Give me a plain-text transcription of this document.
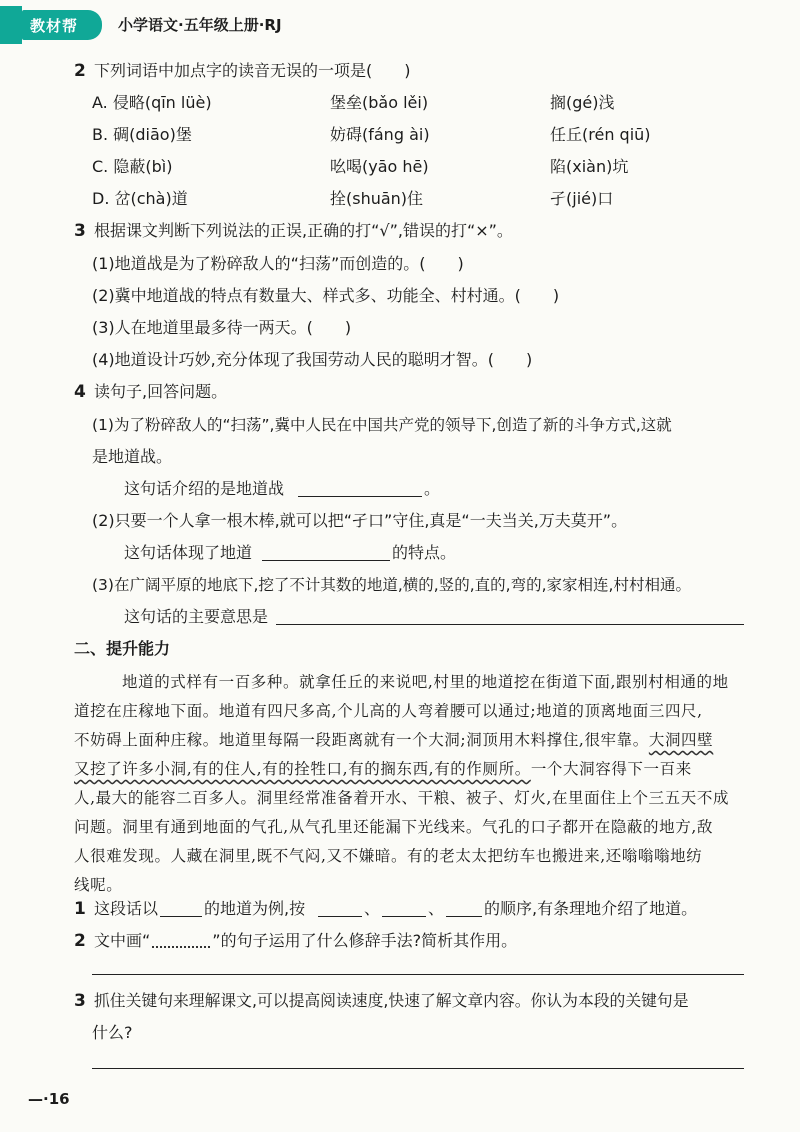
教材帮	小学语文·五年级上册·RJ
2 下列词语中加点字的读音无误的一项是(　　)
A. 侵略(qīn lüè)	堡垒(bǎo lěi)	搁(gé)浅
B. 碉(diāo)堡	妨碍(fáng ài)	任丘(rén qiū)
C. 隐蔽(bì)	吆喝(yāo hē)	陷(xiàn)坑
D. 岔(chà)道	拴(shuān)住	孑(jié)口
3 根据课文判断下列说法的正误,正确的打“√”,错误的打“×”。
(1)地道战是为了粉碎敌人的“扫荡”而创造的。(　　)
(2)冀中地道战的特点有数量大、样式多、功能全、村村通。(　　)
(3)人在地道里最多待一两天。(　　)
(4)地道设计巧妙,充分体现了我国劳动人民的聪明才智。(　　)
4 读句子,回答问题。
(1)为了粉碎敌人的“扫荡”,冀中人民在中国共产党的领导下,创造了新的斗争方式,这就
是地道战。
这句话介绍的是地道战	。
(2)只要一个人拿一根木棒,就可以把“孑口”守住,真是“一夫当关,万夫莫开”。
这句话体现了地道	的特点。
(3)在广阔平原的地底下,挖了不计其数的地道,横的,竖的,直的,弯的,家家相连,村村相通。
这句话的主要意思是
二、提升能力
地道的式样有一百多种。就拿任丘的来说吧,村里的地道挖在街道下面,跟别村相通的地
道挖在庄稼地下面。地道有四尺多高,个儿高的人弯着腰可以通过;地道的顶离地面三四尺,
不妨碍上面种庄稼。地道里每隔一段距离就有一个大洞;洞顶用木料撑住,很牢靠。大洞四壁
又挖了许多小洞,有的住人,有的拴牲口,有的搁东西,有的作厕所。一个大洞容得下一百来
人,最大的能容二百多人。洞里经常准备着开水、干粮、被子、灯火,在里面住上个三五天不成
问题。洞里有通到地面的气孔,从气孔里还能漏下光线来。气孔的口子都开在隐蔽的地方,敌
人很难发现。人藏在洞里,既不气闷,又不嫌暗。有的老太太把纺车也搬进来,还嗡嗡嗡地纺
线呢。
1 这段话以	的地道为例,按	、	、 的顺序,有条理地介绍了地道。
2 文中画“	”的句子运用了什么修辞手法?简析其作用。
3 抓住关键句来理解课文,可以提高阅读速度,快速了解文章内容。你认为本段的关键句是
什么?
—·16
